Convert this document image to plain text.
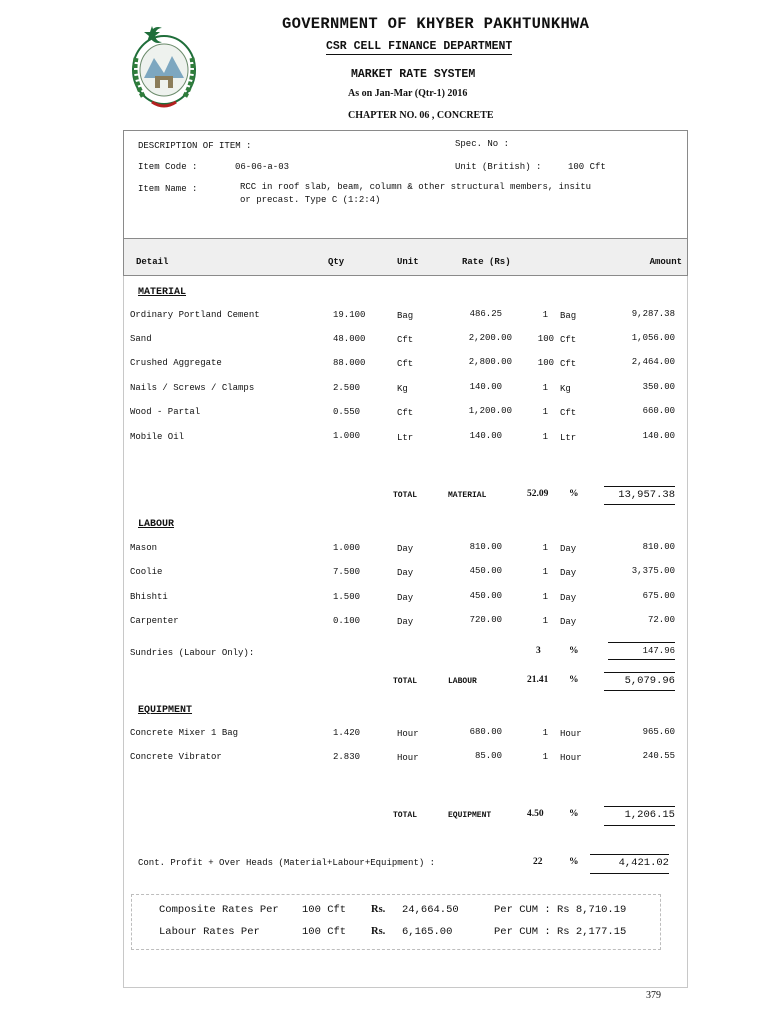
GOVERNMENT OF KHYBER PAKHTUNKHWA
CSR CELL FINANCE DEPARTMENT
MARKET RATE SYSTEM
As on Jan-Mar (Qtr-1) 2016
CHAPTER NO. 06 , CONCRETE
DESCRIPTION OF ITEM :	Spec. No :
Item Code :	06-06-a-03	Unit (British) :	100 Cft
Item Name :	RCC in roof slab, beam, column & other structural members, insitu
or precast. Type C (1:2:4)
Detail	Qty	Unit	Rate (Rs)	Amount
MATERIAL
Ordinary Portland Cement	19.100	Bag	486.25	1 Bag	9,287.38
Sand	48.000	Cft	2,200.00	100 Cft	1,056.00
Crushed Aggregate	88.000	Cft	2,800.00	100 Cft	2,464.00
Nails / Screws / Clamps	2.500	Kg	140.00	1 Kg	350.00
Wood - Partal	0.550	Cft	1,200.00	1 Cft	660.00
Mobile Oil	1.000	Ltr	140.00	1 Ltr	140.00
TOTAL	MATERIAL	52.09 %	13,957.38
LABOUR
Mason	1.000	Day	810.00	1 Day	810.00
Coolie	7.500	Day	450.00	1 Day	3,375.00
Bhishti	1.500	Day	450.00	1 Day	675.00
Carpenter	0.100	Day	720.00	1 Day	72.00
Sundries (Labour Only):	3	%	147.96
TOTAL	LABOUR	21.41 %	5,079.96
EQUIPMENT
Concrete Mixer 1 Bag	1.420	Hour	680.00	1 Hour	965.60
Concrete Vibrator	2.830	Hour	85.00	1 Hour	240.55
TOTAL	EQUIPMENT	4.50	%	1,206.15
Cont. Profit + Over Heads (Material+Labour+Equipment) :	22	%	4,421.02
Composite Rates Per 100 Cft Rs. 24,664.50	Per CUM : Rs 8,710.19
Labour Rates Per	100 Cft Rs. 6,165.00	Per CUM : Rs 2,177.15
379
